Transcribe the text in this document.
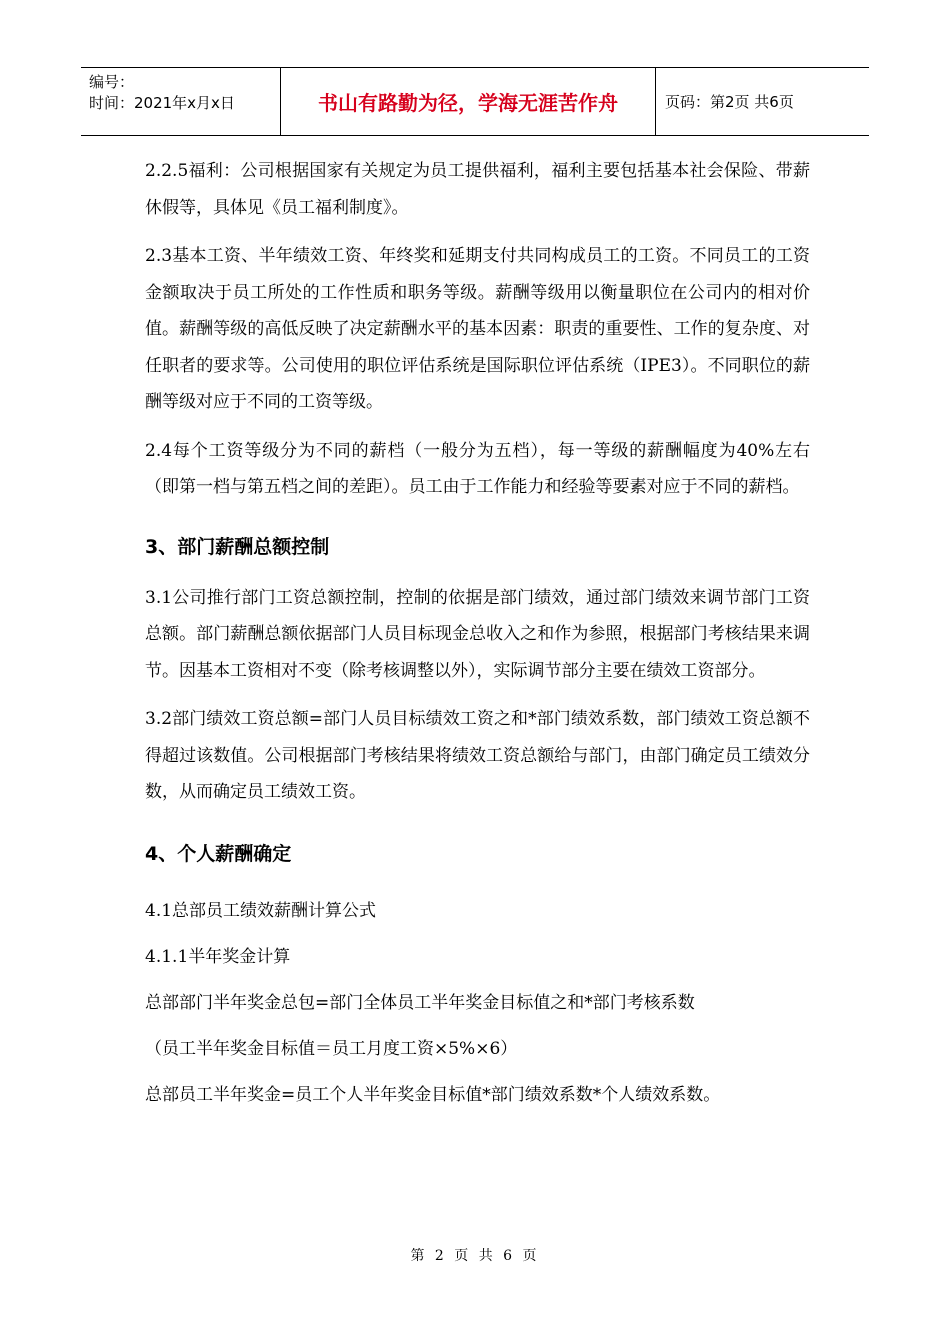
编号：
时间：2021年x月x日	书山有路勤为径，学海无涯苦作舟	页码：第2页 共6页

2.2.5福利：公司根据国家有关规定为员工提供福利，福利主要包括基本社会保险、带薪休假等，具体见《员工福利制度》。

2.3基本工资、半年绩效工资、年终奖和延期支付共同构成员工的工资。不同员工的工资金额取决于员工所处的工作性质和职务等级。薪酬等级用以衡量职位在公司内的相对价值。薪酬等级的高低反映了决定薪酬水平的基本因素：职责的重要性、工作的复杂度、对任职者的要求等。公司使用的职位评估系统是国际职位评估系统（IPE3）。不同职位的薪酬等级对应于不同的工资等级。

2.4每个工资等级分为不同的薪档（一般分为五档），每一等级的薪酬幅度为40%左右（即第一档与第五档之间的差距）。员工由于工作能力和经验等要素对应于不同的薪档。

3、部门薪酬总额控制

3.1公司推行部门工资总额控制，控制的依据是部门绩效，通过部门绩效来调节部门工资总额。部门薪酬总额依据部门人员目标现金总收入之和作为参照，根据部门考核结果来调节。因基本工资相对不变（除考核调整以外），实际调节部分主要在绩效工资部分。

3.2部门绩效工资总额=部门人员目标绩效工资之和*部门绩效系数，部门绩效工资总额不得超过该数值。公司根据部门考核结果将绩效工资总额给与部门，由部门确定员工绩效分数，从而确定员工绩效工资。

4、个人薪酬确定

4.1总部员工绩效薪酬计算公式

4.1.1半年奖金计算

总部部门半年奖金总包=部门全体员工半年奖金目标值之和*部门考核系数

（员工半年奖金目标值＝员工月度工资×5%×6）

总部员工半年奖金=员工个人半年奖金目标值*部门绩效系数*个人绩效系数。

第 2 页 共 6 页
